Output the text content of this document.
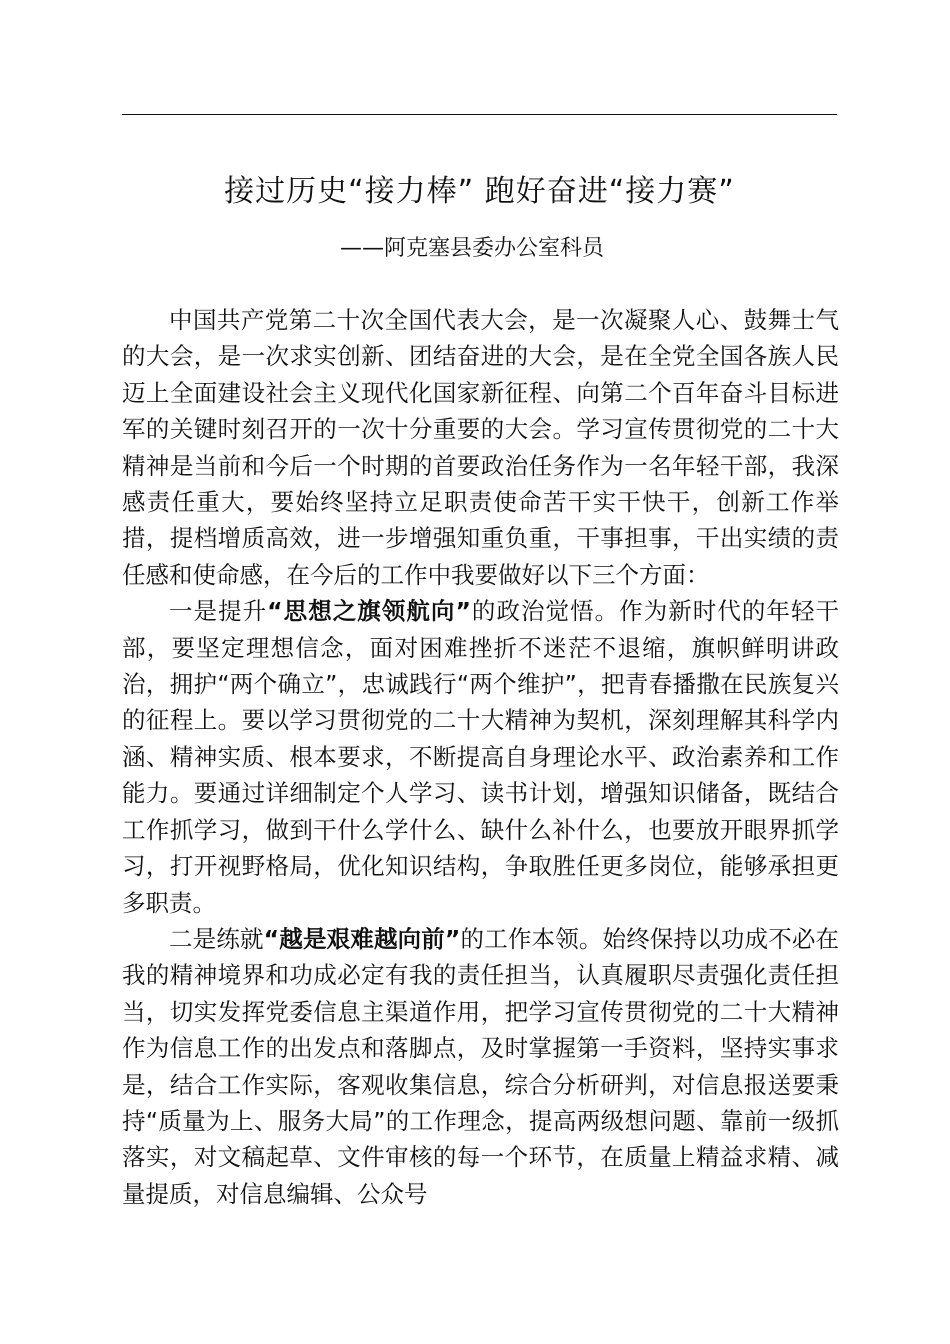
接过历史“接力棒” 跑好奋进“接力赛”
——阿克塞县委办公室科员

中国共产党第二十次全国代表大会，是一次凝聚人心、鼓舞士气的大会，是一次求实创新、团结奋进的大会，是在全党全国各族人民迈上全面建设社会主义现代化国家新征程、向第二个百年奋斗目标进军的关键时刻召开的一次十分重要的大会。学习宣传贯彻党的二十大精神是当前和今后一个时期的首要政治任务作为一名年轻干部，我深感责任重大，要始终坚持立足职责使命苦干实干快干，创新工作举措，提档增质高效，进一步增强知重负重，干事担事，干出实绩的责任感和使命感，在今后的工作中我要做好以下三个方面：

一是提升“思想之旗领航向”的政治觉悟。作为新时代的年轻干部，要坚定理想信念，面对困难挫折不迷茫不退缩，旗帜鲜明讲政治，拥护“两个确立”，忠诚践行“两个维护”，把青春播撒在民族复兴的征程上。要以学习贯彻党的二十大精神为契机，深刻理解其科学内涵、精神实质、根本要求，不断提高自身理论水平、政治素养和工作能力。要通过详细制定个人学习、读书计划，增强知识储备，既结合工作抓学习，做到干什么学什么、缺什么补什么，也要放开眼界抓学习，打开视野格局，优化知识结构，争取胜任更多岗位，能够承担更多职责。

二是练就“越是艰难越向前”的工作本领。始终保持以功成不必在我的精神境界和功成必定有我的责任担当，认真履职尽责强化责任担当，切实发挥党委信息主渠道作用，把学习宣传贯彻党的二十大精神作为信息工作的出发点和落脚点，及时掌握第一手资料，坚持实事求是，结合工作实际，客观收集信息，综合分析研判，对信息报送要秉持“质量为上、服务大局”的工作理念，提高两级想问题、靠前一级抓落实，对文稿起草、文件审核的每一个环节，在质量上精益求精、减量提质，对信息编辑、公众号
